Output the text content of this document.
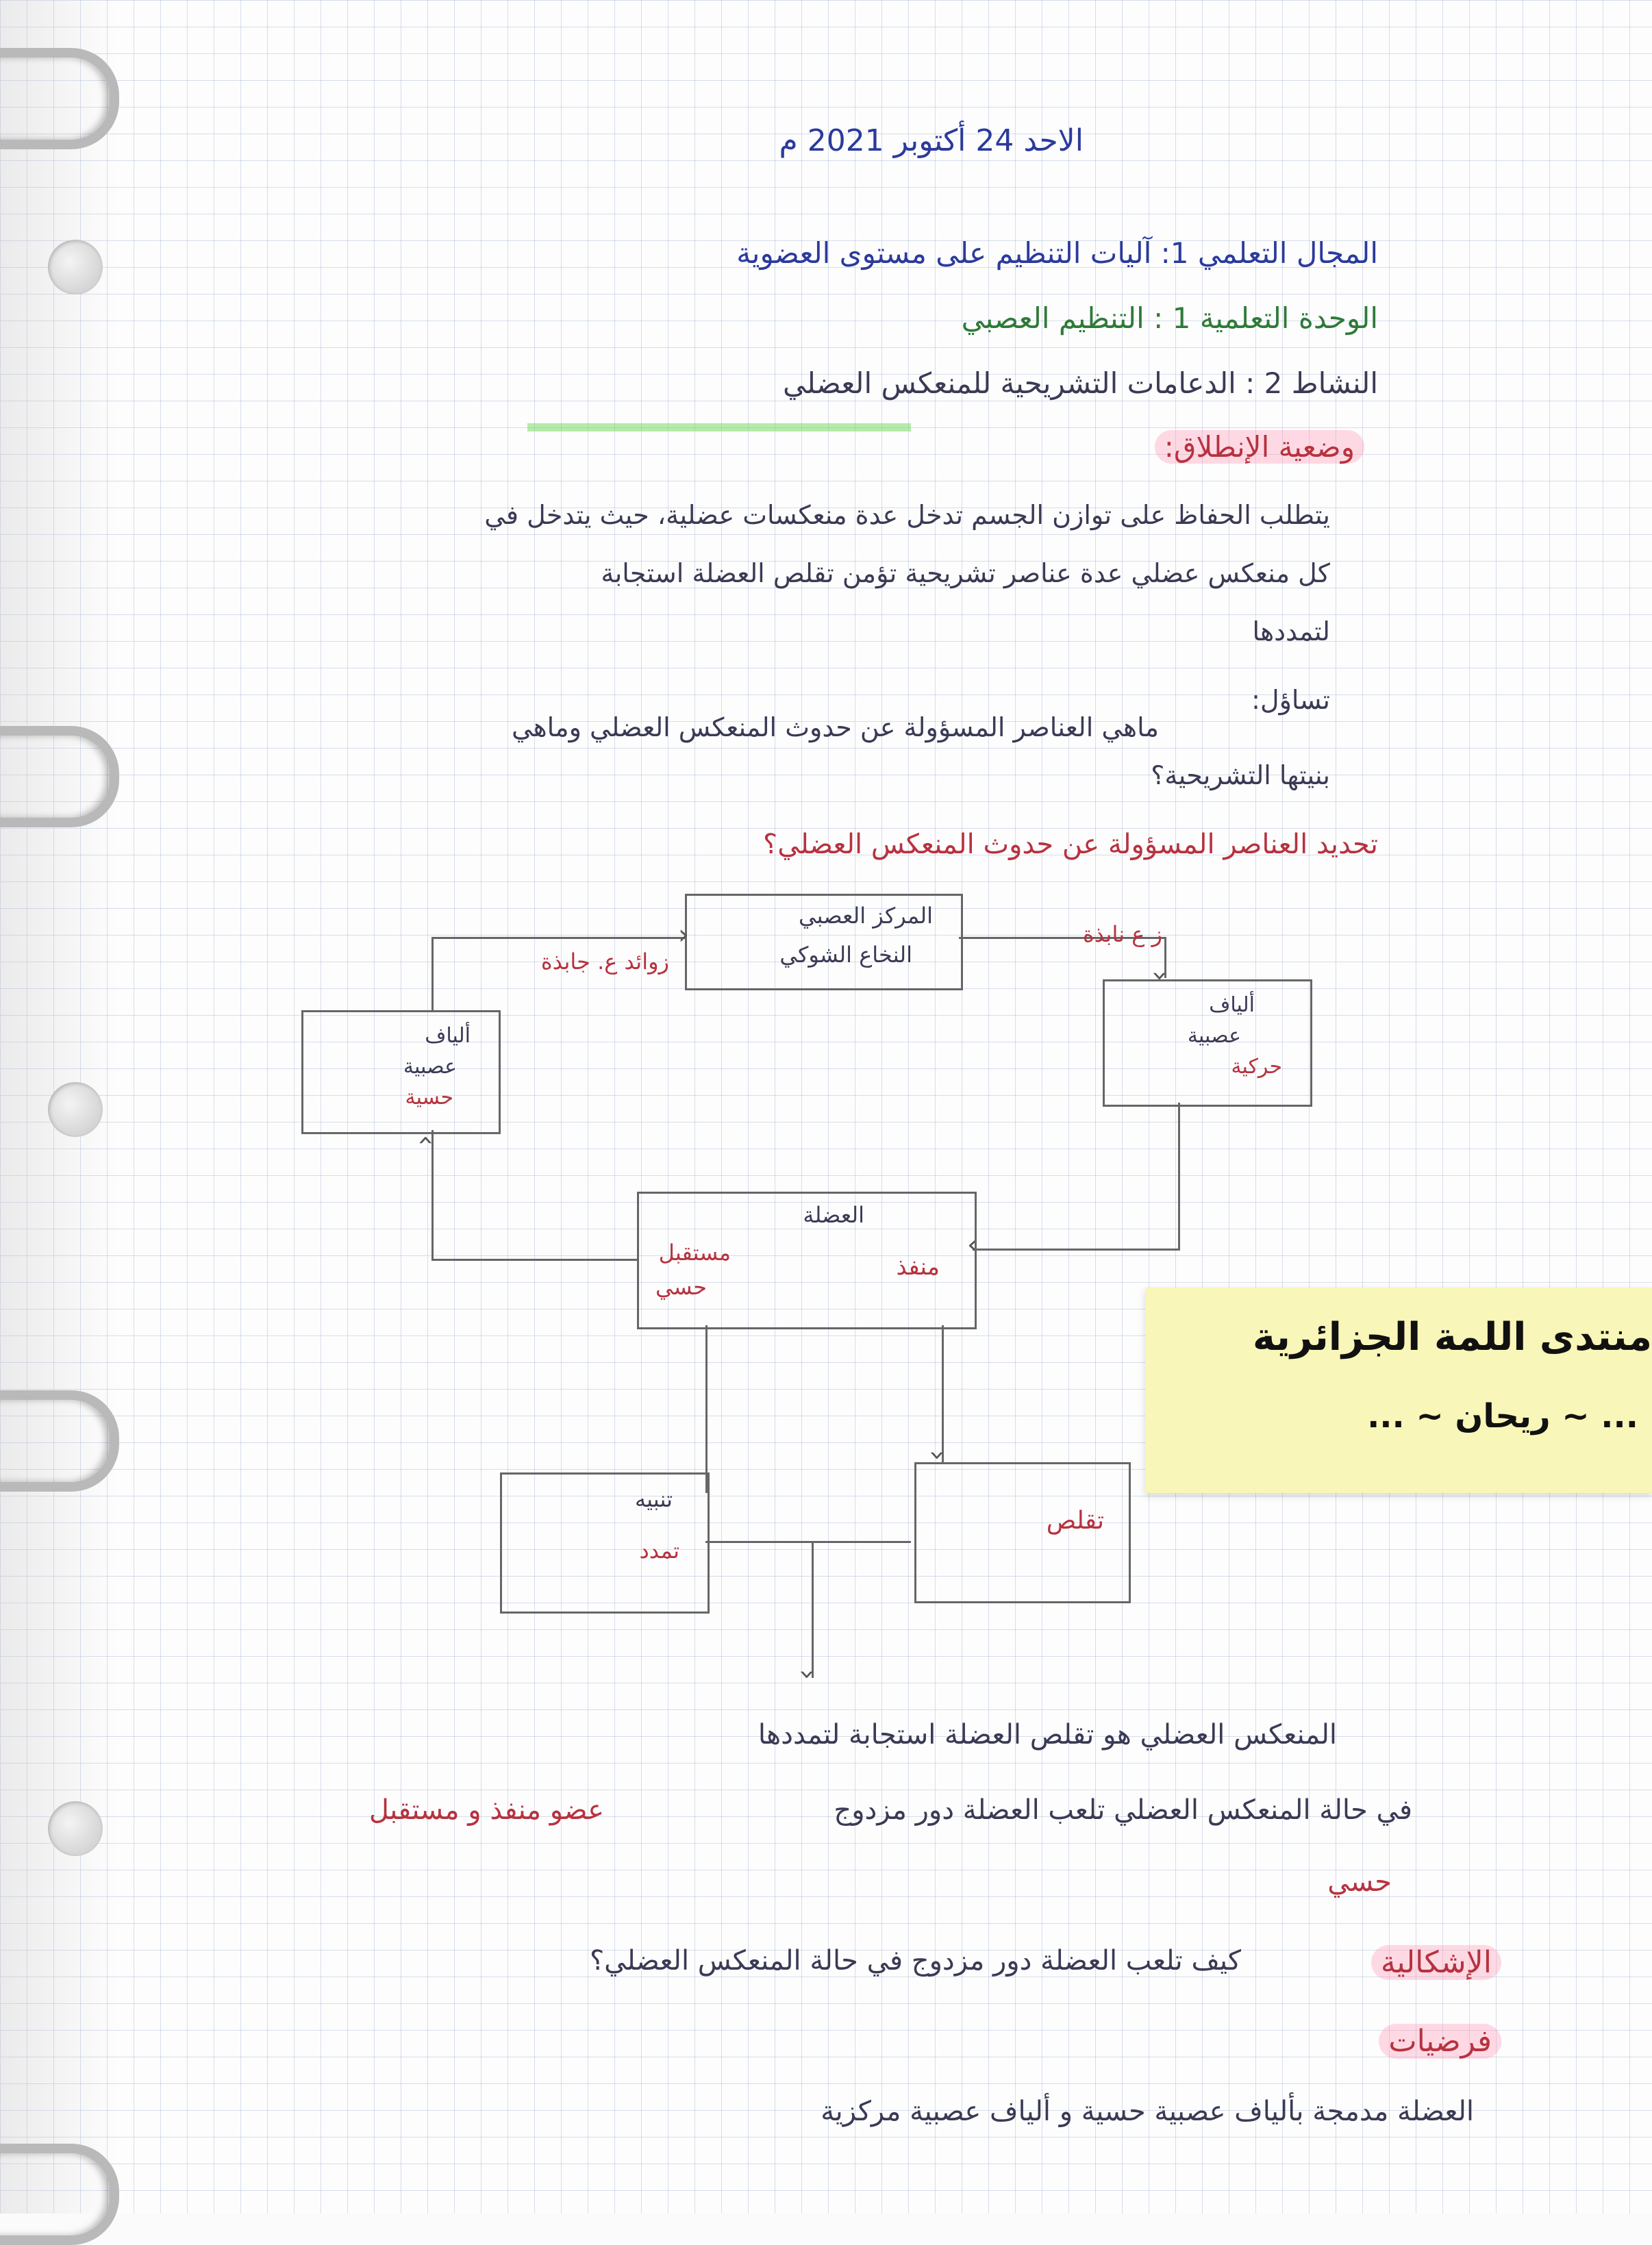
الاحد 24 أكتوبر 2021 م
المجال التعلمي 1: آليات التنظيم على مستوى العضوية
الوحدة التعلمية 1 : التنظيم العصبي
النشاط 2 : الدعامات التشريحية للمنعكس العضلي
وضعية الإنطلاق:
يتطلب الحفاظ على توازن الجسم تدخل عدة منعكسات عضلية، حيث يتدخل في
كل منعكس عضلي عدة عناصر تشريحية تؤمن تقلص العضلة استجابة
لتمددها
تساؤل:
ماهي العناصر المسؤولة عن حدوث المنعكس العضلي وماهي
بنيتها التشريحية؟
تحديد العناصر المسؤولة عن حدوث المنعكس العضلي؟
المركز العصبي
النخاع الشوكي
›
زوائد ع. جابذة
›
ز ع نابذة
ألياف
عصبية
حسية
ألياف
عصبية
حركية
›
›
العضلة
مستقبل
حسي
منفذ
›
تنبيه
تمدد
تقلص
›
منتدى اللمة الجزائرية
... ~ ريحان ~ ...
المنعكس العضلي هو تقلص العضلة استجابة لتمددها
في حالة المنعكس العضلي تلعب العضلة دور مزدوج
عضو منفذ و مستقبل
حسي
الإشكالية
كيف تلعب العضلة دور مزدوج في حالة المنعكس العضلي؟
فرضيات
العضلة مدمجة بألياف عصبية حسية و ألياف عصبية مركزية
